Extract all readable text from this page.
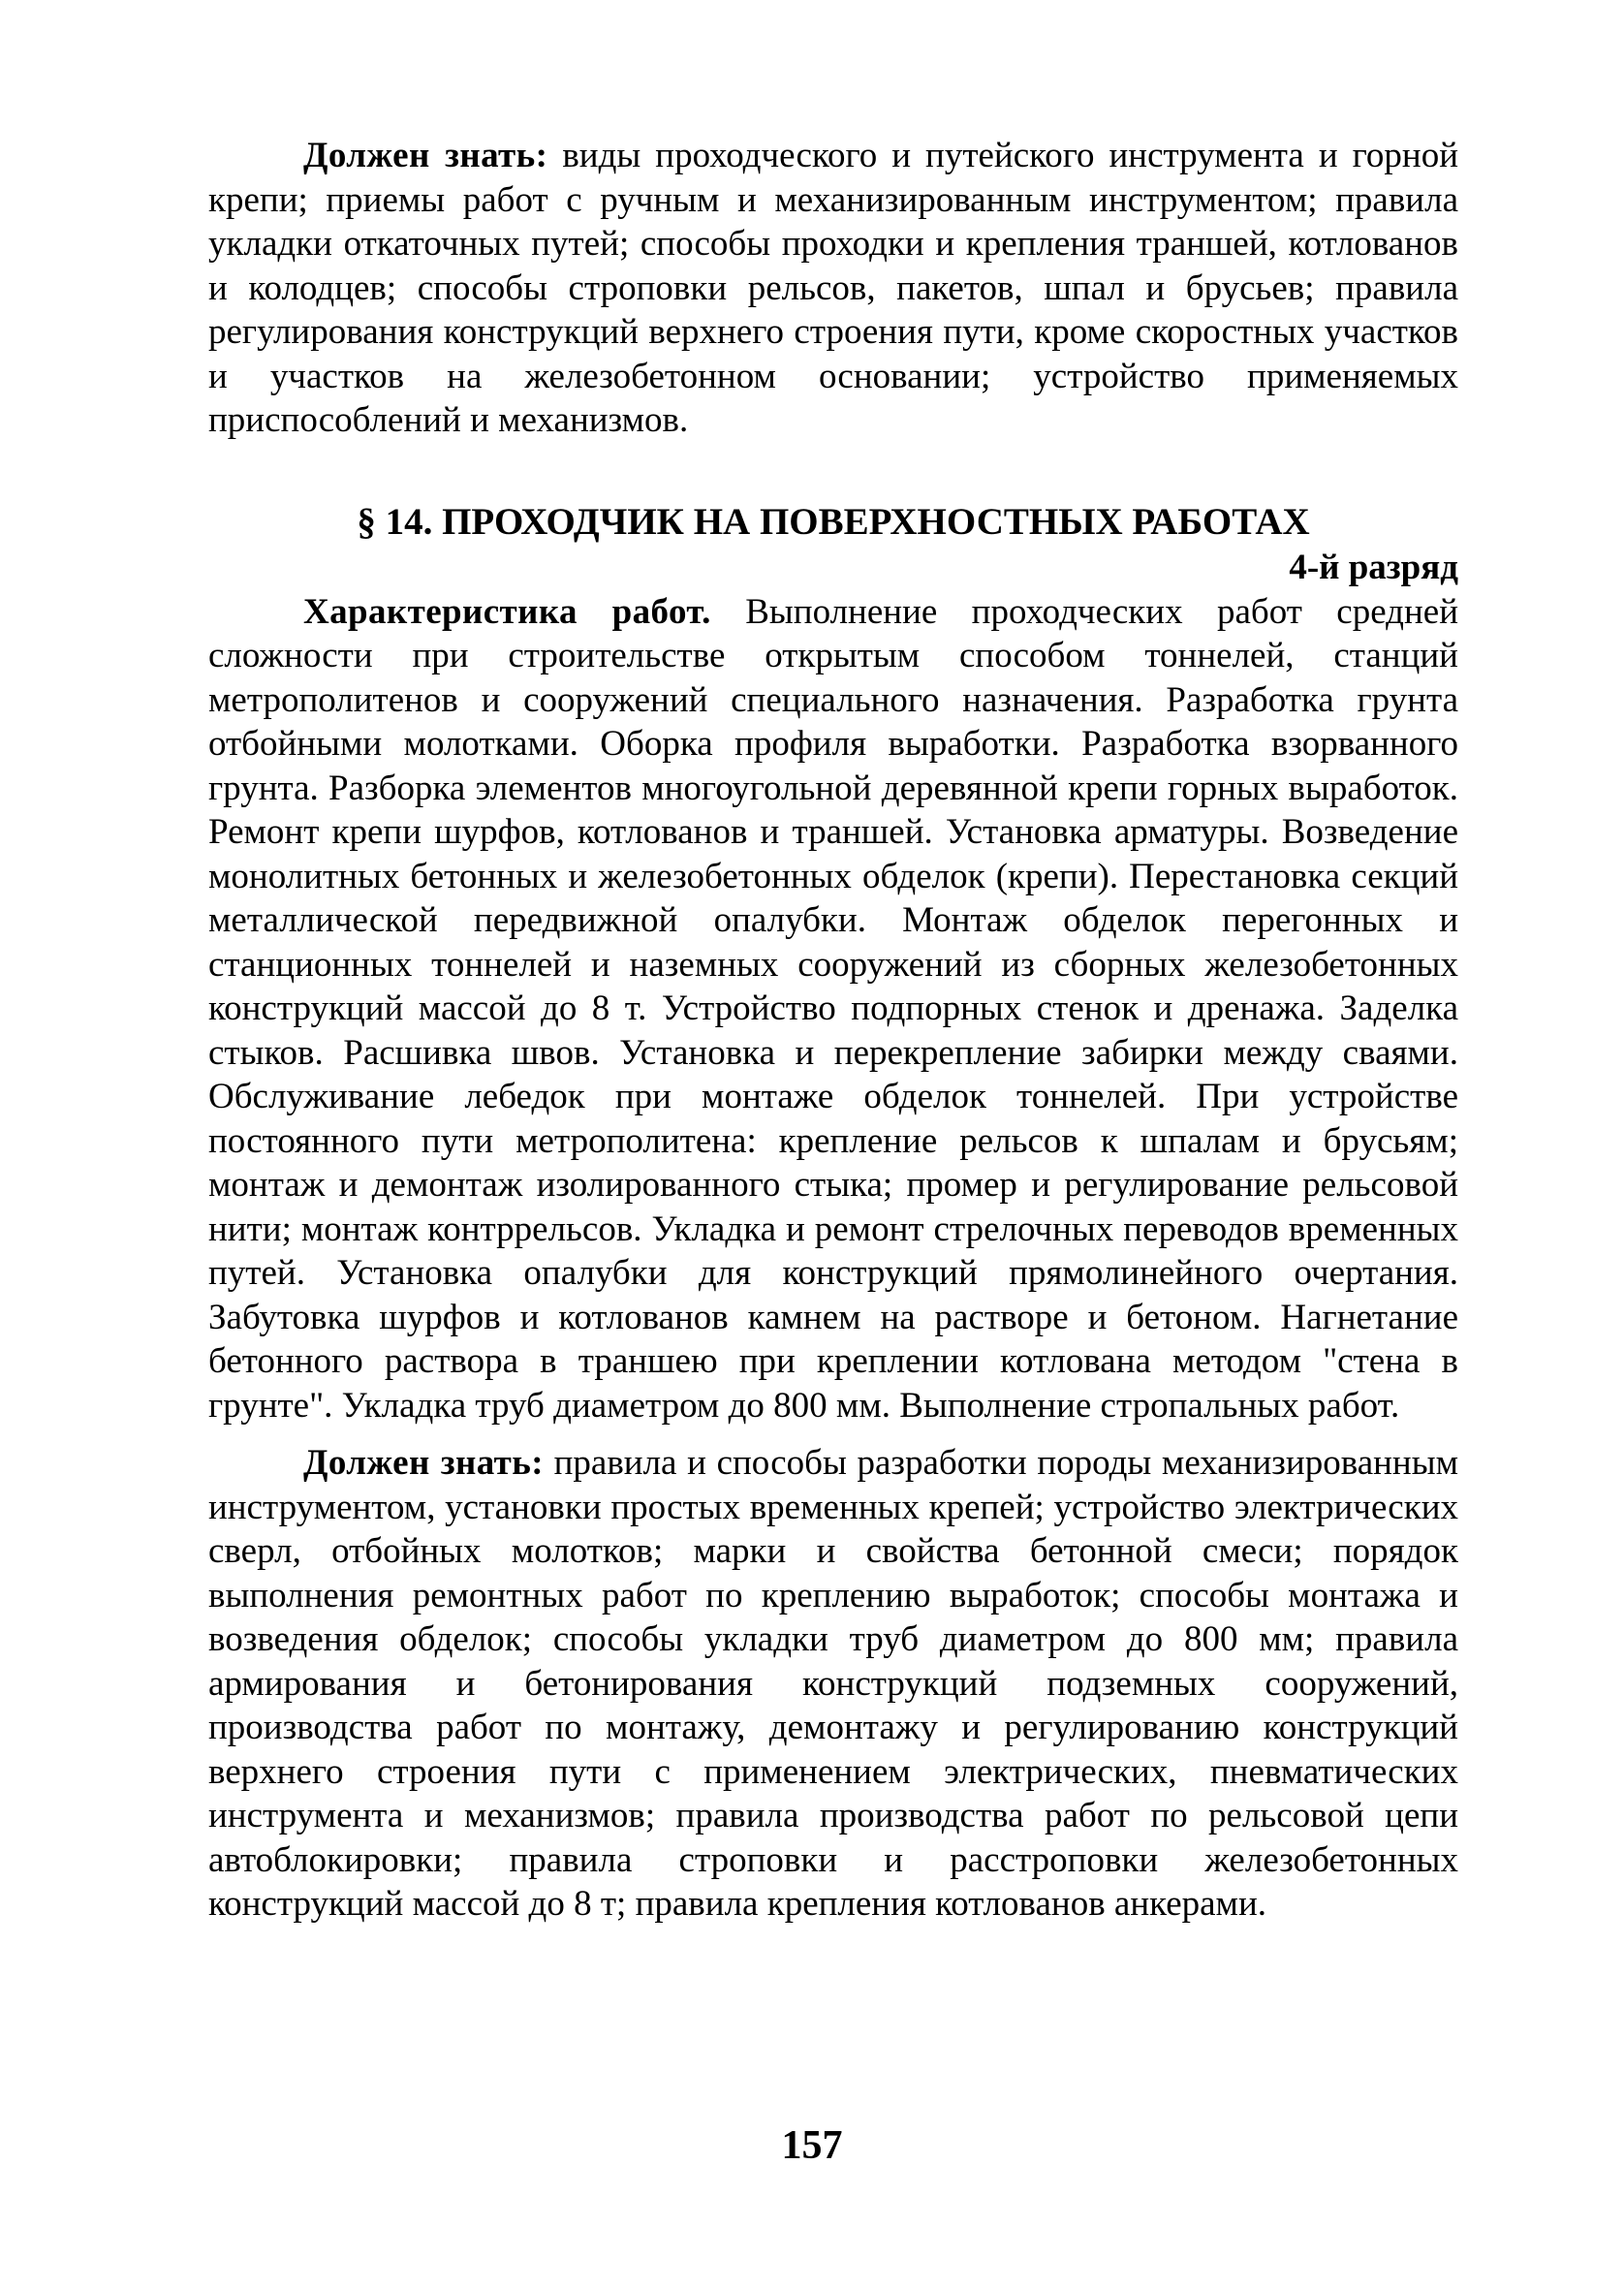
Должен знать: виды проходческого и путейского инструмента и горной крепи; приемы работ с ручным и механизированным инструментом; правила укладки откаточных путей; способы проходки и крепления траншей, котлованов и колодцев; способы строповки рельсов, пакетов, шпал и брусьев; правила регулирования конструкций верхнего строения пути, кроме скоростных участков и участков на железобетонном основании; устройство применяемых приспособлений и механизмов.

§ 14. ПРОХОДЧИК НА ПОВЕРХНОСТНЫХ РАБОТАХ
4-й разряд

Характеристика работ. Выполнение проходческих работ средней сложности при строительстве открытым способом тоннелей, станций метрополитенов и сооружений специального назначения. Разработка грунта отбойными молотками. Оборка профиля выработки. Разработка взорванного грунта. Разборка элементов многоугольной деревянной крепи горных выработок. Ремонт крепи шурфов, котлованов и траншей. Установка арматуры. Возведение монолитных бетонных и железобетонных обделок (крепи). Перестановка секций металлической передвижной опалубки. Монтаж обделок перегонных и станционных тоннелей и наземных сооружений из сборных железобетонных конструкций массой до 8 т. Устройство подпорных стенок и дренажа. Заделка стыков. Расшивка швов. Установка и перекрепление забирки между сваями. Обслуживание лебедок при монтаже обделок тоннелей. При устройстве постоянного пути метрополитена: крепление рельсов к шпалам и брусьям; монтаж и демонтаж изолированного стыка; промер и регулирование рельсовой нити; монтаж контррельсов. Укладка и ремонт стрелочных переводов временных путей. Установка опалубки для конструкций прямолинейного очертания. Забутовка шурфов и котлованов камнем на растворе и бетоном. Нагнетание бетонного раствора в траншею при креплении котлована методом "стена в грунте". Укладка труб диаметром до 800 мм. Выполнение стропальных работ.

Должен знать: правила и способы разработки породы механизированным инструментом, установки простых временных крепей; устройство электрических сверл, отбойных молотков; марки и свойства бетонной смеси; порядок выполнения ремонтных работ по креплению выработок; способы монтажа и возведения обделок; способы укладки труб диаметром до 800 мм; правила армирования и бетонирования конструкций подземных сооружений, производства работ по монтажу, демонтажу и регулированию конструкций верхнего строения пути с применением электрических, пневматических инструмента и механизмов; правила производства работ по рельсовой цепи автоблокировки; правила строповки и расстроповки железобетонных конструкций массой до 8 т; правила крепления котлованов анкерами.

157
